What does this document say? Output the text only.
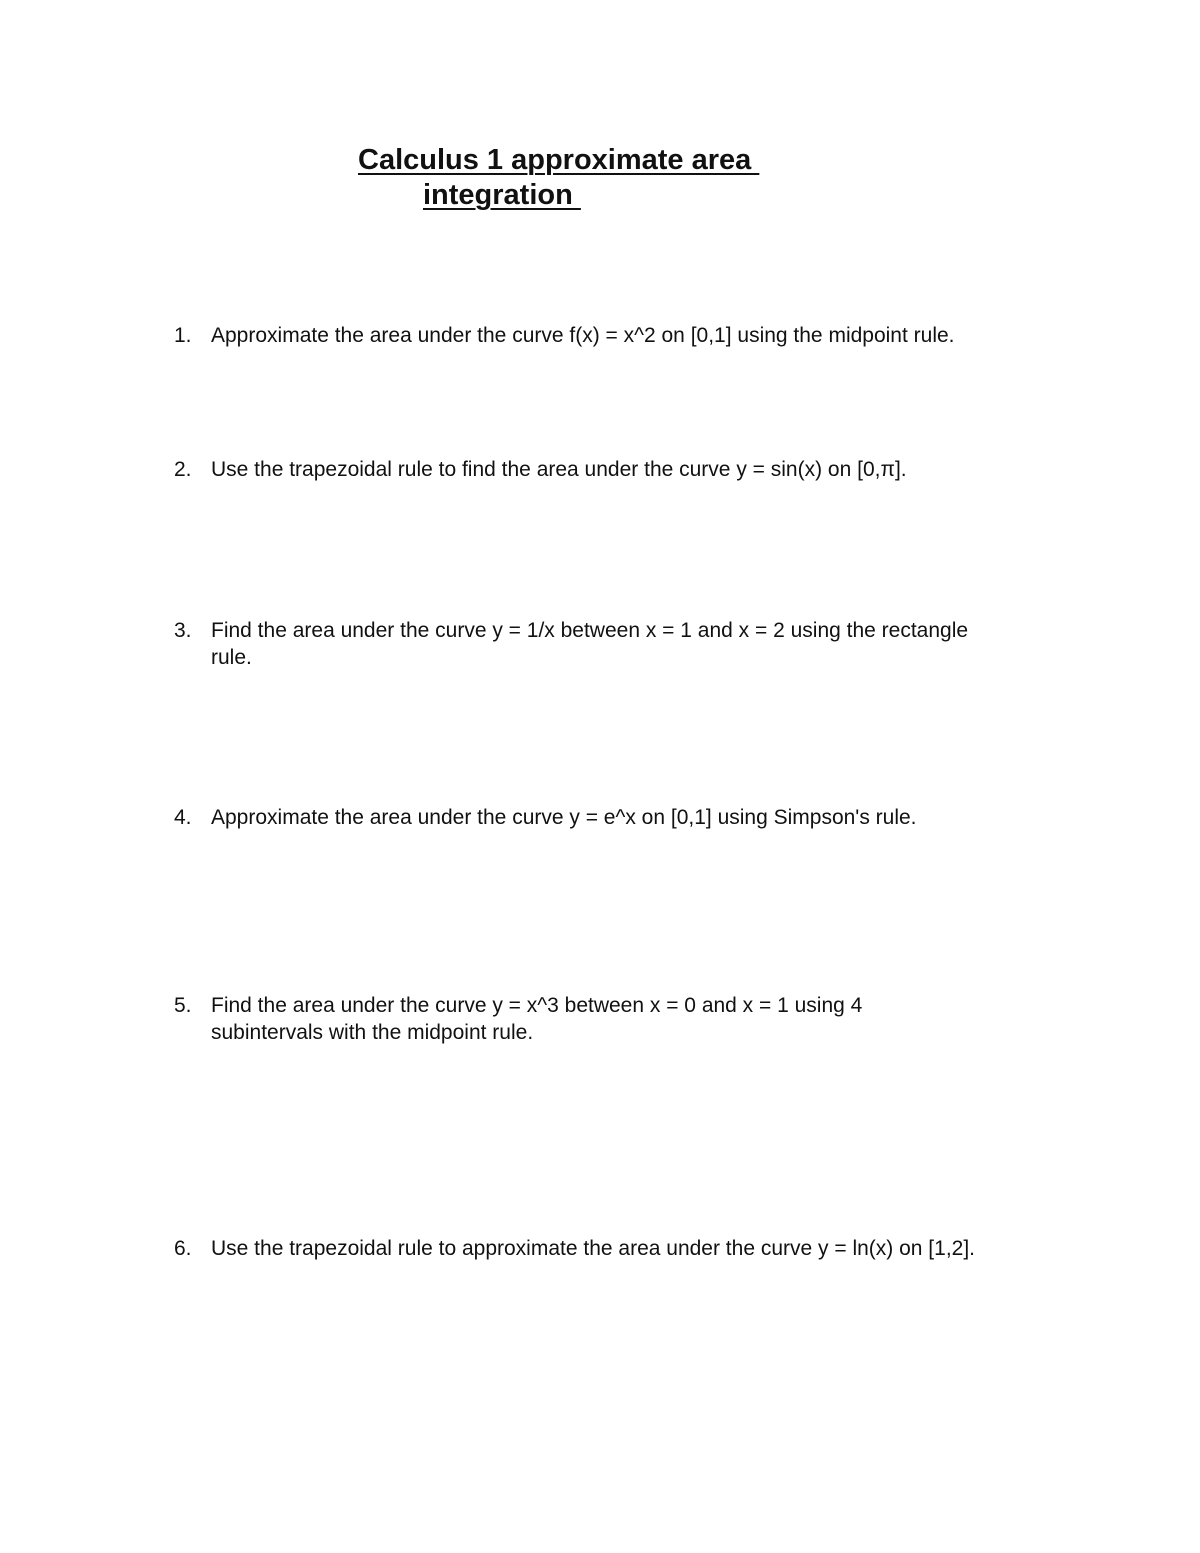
Calculus 1 approximate area
integration
1. Approximate the area under the curve f(x) = x^2 on [0,1] using the midpoint rule.
2. Use the trapezoidal rule to find the area under the curve y = sin(x) on [0,π].
3. Find the area under the curve y = 1/x between x = 1 and x = 2 using the rectangle rule.
4. Approximate the area under the curve y = e^x on [0,1] using Simpson's rule.
5. Find the area under the curve y = x^3 between x = 0 and x = 1 using 4 subintervals with the midpoint rule.
6. Use the trapezoidal rule to approximate the area under the curve y = ln(x) on [1,2].
